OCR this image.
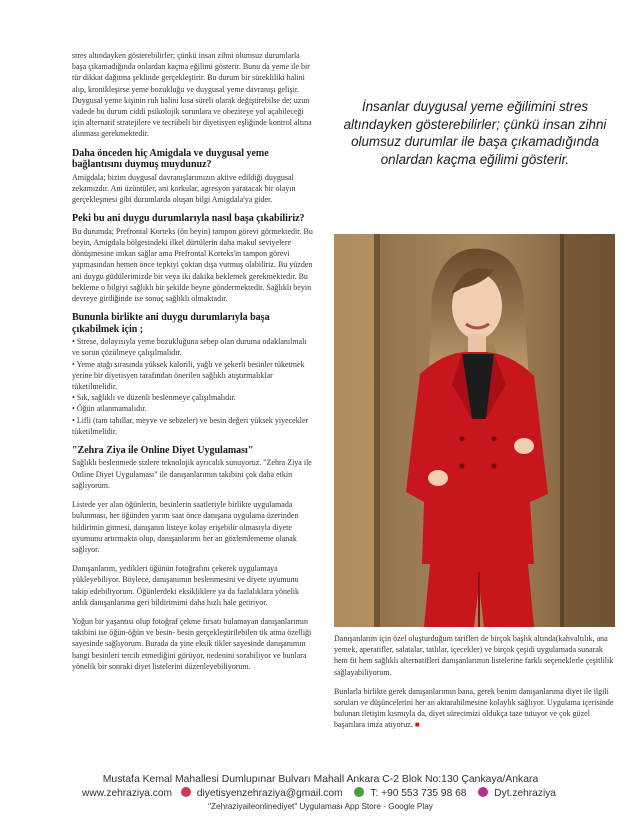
stres altındayken gösterebilirler; çünkü insan zihni olumsuz durumlarla başa çıkamadığında onlardan kaçma eğilimi gösterir. Bunu da yeme ile bir tür dikkat dağıtma şeklinde gerçekleştirir. Bu durum bir sürekliliki halini alıp, kronikleşirse yeme bozukluğu ve duygusal yeme davranışı gelişir. Duygusal yeme kişinin ruh halini kısa süreli olarak değiştirebilse de; uzun vadede bu durum ciddi psikolojik sorunlara ve obeziteye yol açabileceği için alternatif stratejilere ve tecrübeli bir diyetisyen eşliğinde kontrol altına alınması gerekmektedir.

Daha önceden hiç Amigdala ve duygusal yeme bağlantısını duymuş muydunuz?

Amigdala; bizim duygusal davranışlarımızın aktive edildiği duygusal zekamızdır. Ani üzüntüler, ani korkular, agresyon yaratacak bir olayın gerçekleşmesi gibi durumlarda oluşan bilgi Amigdala'ya gider.

Peki bu ani duygu durumlarıyla nasıl başa çıkabiliriz?

Bu durumda; Prefrontal Korteks (ön beyin) tampon görevi görmektedir. Bu beyin, Amigdala bölgesindeki ilkel dürtülerin daha makul seviyelere dönüşmesine imkan sağlar ama Prefrontal Korteks'in tampon görevi yapmasından hemen önce tepkiyi çoktan dışa vurmuş olabiliriz. Bu yüzden ani duygu güdülerimizde bir veya iki dakika beklemek gerekmektedir. Bu bekleme o bilgiyi sağlıklı bir şekilde beyne göndermektedir. Sağlıklı beyin devreye girdiğinde ise sonuç sağlıklı olmaktadır.

Bununla birlikte ani duygu durumlarıyla başa çıkabilmek için ;
• Strese, dolayısıyla yeme bozukluğuna sebep olan duruma odaklanılmalı ve sorun çözülmeye çalışılmalıdır.
• Yeme atağı sırasında yüksek kalorili, yağlı ve şekerli besinler tüketmek yerine bir diyetisyen tarafından önerilen sağlıklı atıştırmalıklar tüketilmelidir.
• Sık, sağlıklı ve düzenli beslenmeye çalışılmalıdır.
• Öğün atlanmamalıdır.
• Lifli (tam tahıllar, meyve ve sebzeler) ve besin değeri yüksek yiyecekler tüketilmelidir.
"Zehra Ziya ile Online Diyet Uygulaması"

Sağlıklı beslenmede sizlere teknolojik ayrıcalık sunuyoruz. "Zehra Ziya ile Online Diyet Uygulaması" ile danışanlarımın takibini çok daha etkin sağlıyorum.

Listede yer alan öğünlerin, besinlerin saatleriyle birlikte uygulamada bulunması, her öğünden yarım saat önce danışana uygulama üzerinden bildirimin gitmesi, danışanın listeye kolay erişebilir olmasıyla diyete uyumunu artırmakta olup, danışanlarımı her an gözlemlememe olanak sağlıyor.

Danışanlarım, yedikleri öğünün fotoğrafını çekerek uygulamaya yükleyebiliyor. Böylece, danışanımın beslenmesini ve diyete uyumunu takip edebiliyorum. Öğünlerdeki eksikliklere ya da fazlalıklara yönelik anlık danışanlarıma geri bildirimimi daha hızlı hale getiriyor.

Yoğun bir yaşantısı olup fotoğraf çekme fırsatı bulamayan danışanlarımın takibini ise öğün-öğün ve besin- besin gerçekleştirilebilen tik atma özelliği sayesinde sağlıyorum. Burada da yine eksik tikler sayesinde danışanımın hangi besinleri tercih etmediğini görüyor, nedenini sorabiliyor ve bunlara yönelik bir sonraki diyet listelerini düzenleyebiliyorum.

İnsanlar duygusal yeme eğilimini stres altındayken gösterebilirler; çünkü insan zihni olumsuz durumlar ile başa çıkamadığında onlardan kaçma eğilimi gösterir.

Danışanlarım için özel oluşturduğum tarifleri de birçok başlık altında(kahvaltılık, ana yemek, aperatifler, salatalar, tatlılar, içecekler) ve birçok çeşidi uygulamada sunarak hem fit hem sağlıklı alternatifleri danışanlarımın listelerine farklı seçeneklerle çeşitlilik sağlayabiliyorum.

Bunlarla birlikte gerek danışanlarımın bana, gerek benim danışanlarıma diyet ile ilgili soruları ve düşüncelerini her an aktarabilmesine kolaylık sağlıyor. Uygulama içerisinde bulunan iletişim kısmıyla da, diyet sürecimizi oldukça taze tutuyor ve çok güzel başarılara imza atıyoruz. ■

Mustafa Kemal Mahallesi Dumlupınar Bulvarı Mahall Ankara C-2 Blok No:130 Çankaya/Ankara
www.zehraziya.com diyetisyenzehraziya@gmail.com	T: +90 553 735 98 68	Dyt.zehraziya
"Zehraziyaileonlinediyet" Uygulaması App Store - Google Play
